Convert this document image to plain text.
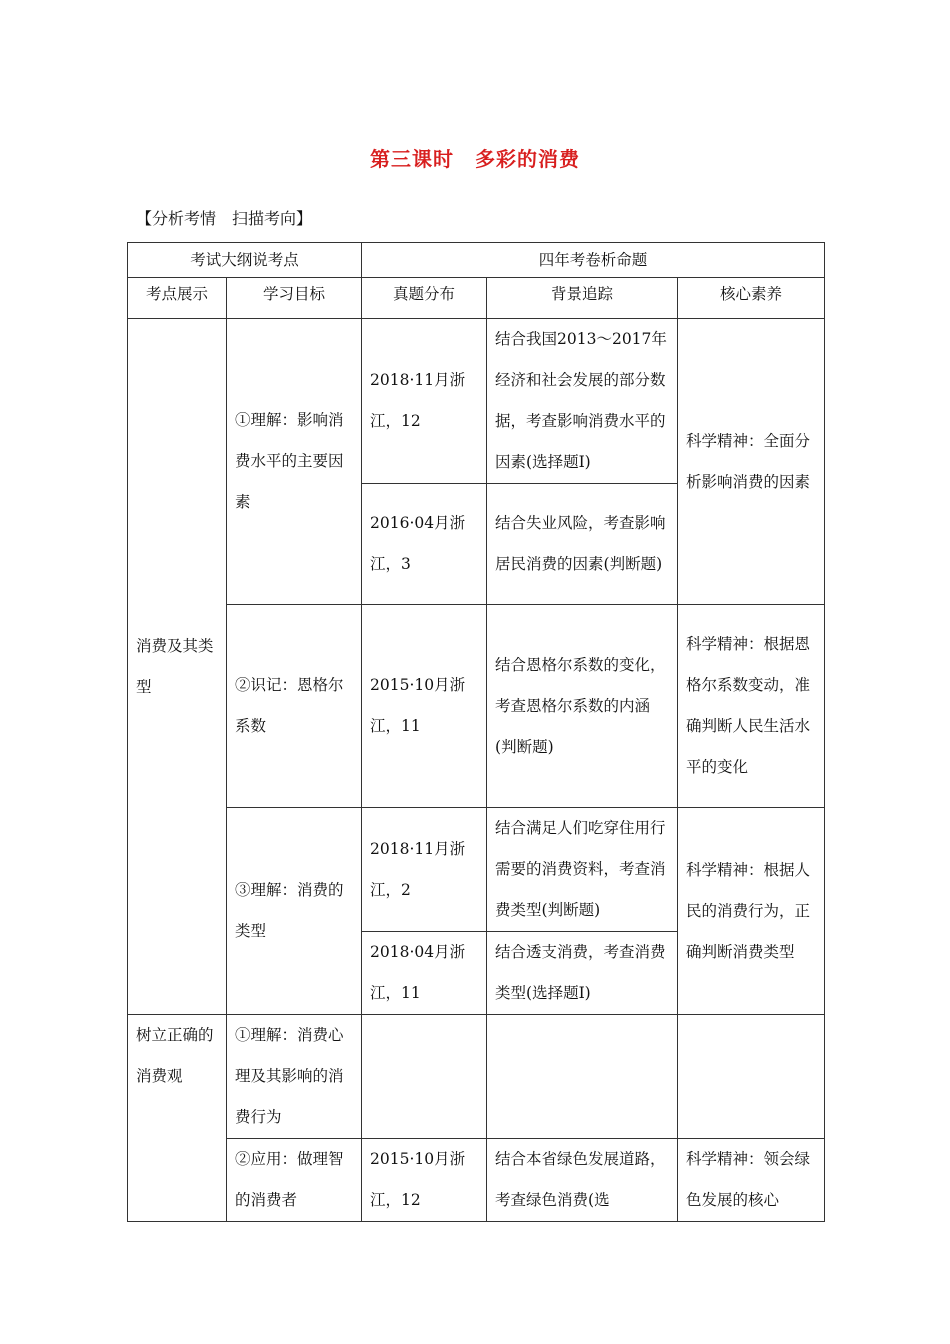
第三课时　多彩的消费
【分析考情　扫描考向】
考试大纲说考点		四年考卷析命题		
考点展示	学习目标	真题分布	背景追踪	核心素养
消费及其类型	①理解：影响消费水平的主要因素	2018·11月浙江，12	结合我国2013～2017年经济和社会发展的部分数据，考查影响消费水平的因素(选择题Ⅰ)	科学精神：全面分析影响消费的因素
		2016·04月浙江，3	结合失业风险，考查影响居民消费的因素(判断题)	
	②识记：恩格尔系数	2015·10月浙江，11	结合恩格尔系数的变化，考查恩格尔系数的内涵(判断题)	科学精神：根据恩格尔系数变动，准确判断人民生活水平的变化
	③理解：消费的类型	2018·11月浙江，2	结合满足人们吃穿住用行需要的消费资料，考查消费类型(判断题)	科学精神：根据人民的消费行为，正确判断消费类型
		2018·04月浙江，11	结合透支消费，考查消费类型(选择题Ⅰ)	
树立正确的消费观	①理解：消费心理及其影响的消费行为			
	②应用：做理智的消费者	2015·10月浙江，12	结合本省绿色发展道路，考查绿色消费(选	科学精神：领会绿色发展的核心
